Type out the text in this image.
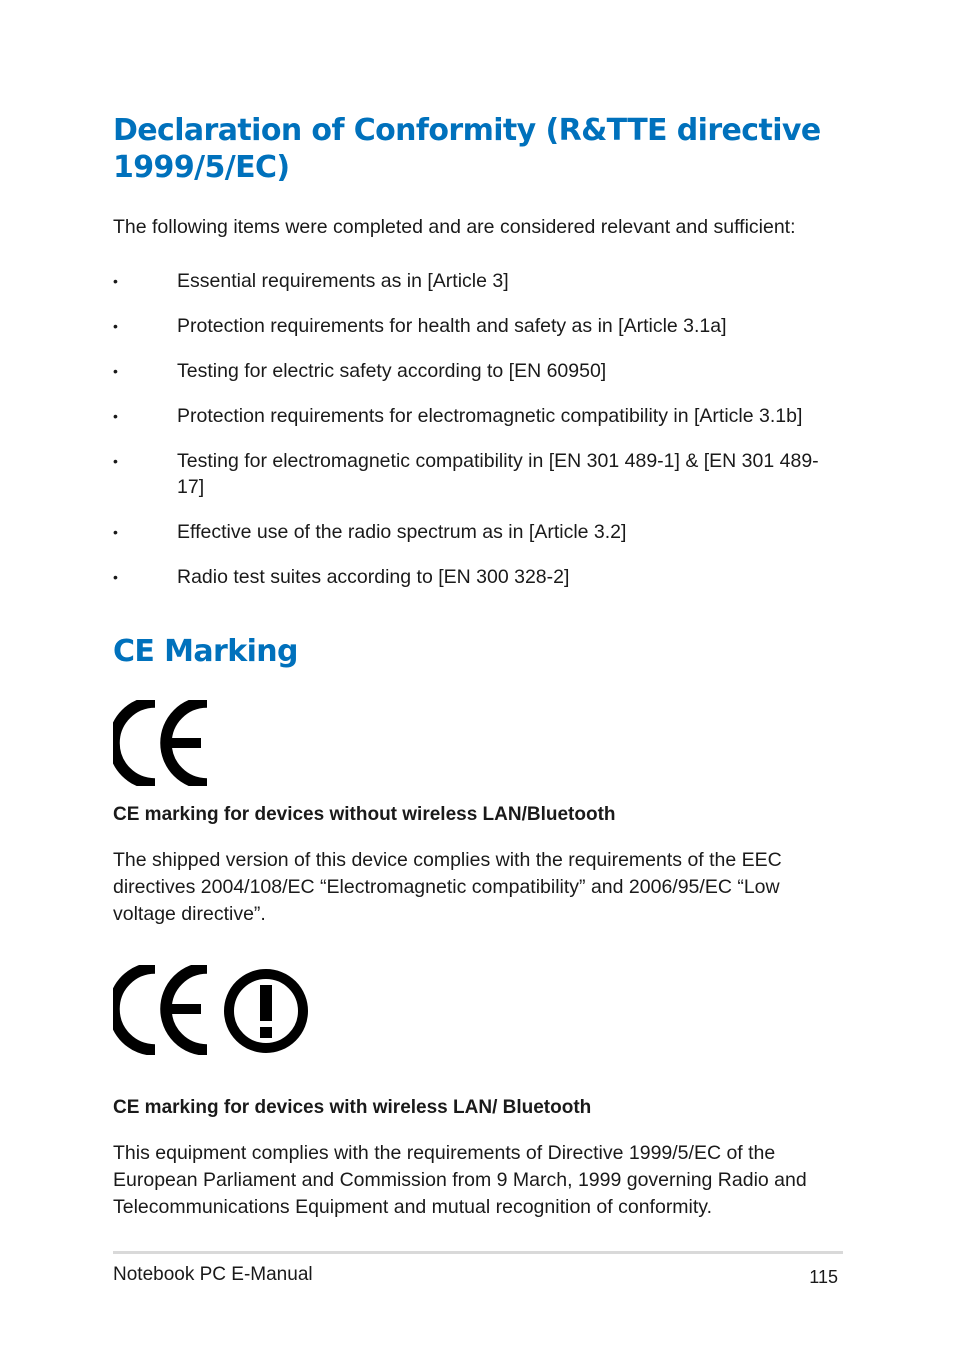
Declaration of Conformity (R&TTE directive 1999/5/EC)

The following items were completed and are considered relevant and sufficient:

•	Essential requirements as in [Article 3]
•	Protection requirements for health and safety as in [Article 3.1a]
•	Testing for electric safety according to [EN 60950]
•	Protection requirements for electromagnetic compatibility in [Article 3.1b]
•	Testing for electromagnetic compatibility in [EN 301 489-1] & [EN 301 489-17]
•	Effective use of the radio spectrum as in [Article 3.2]
•	Radio test suites according to [EN 300 328-2]
CE Marking
CE marking for devices without wireless LAN/Bluetooth

The shipped version of this device complies with the requirements of the EEC directives 2004/108/EC “Electromagnetic compatibility” and 2006/95/EC “Low voltage directive”.

CE marking for devices with wireless LAN/ Bluetooth

This equipment complies with the requirements of Directive 1999/5/EC of the European Parliament and Commission from 9 March, 1999 governing Radio and Telecommunications Equipment and mutual recognition of conformity.

Notebook PC E-Manual	115
